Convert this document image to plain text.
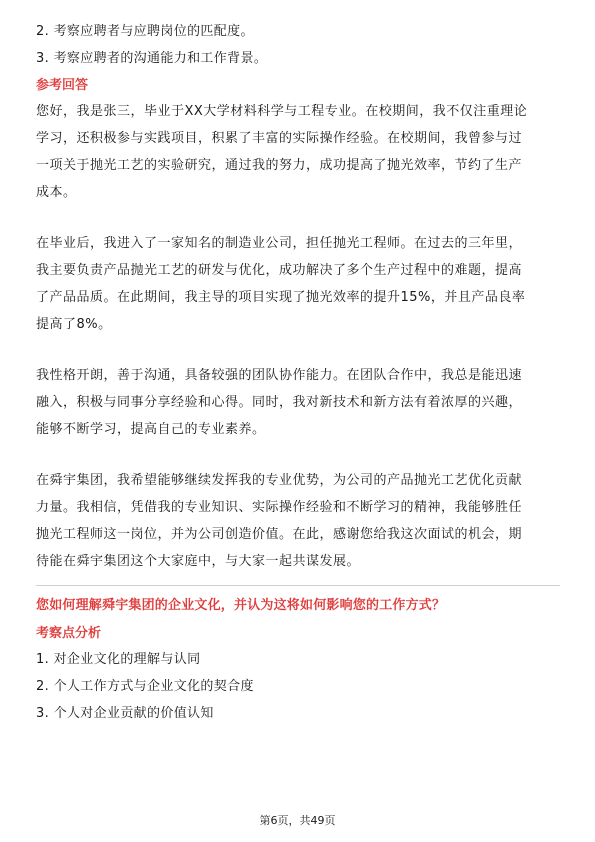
2. 考察应聘者与应聘岗位的匹配度。
3. 考察应聘者的沟通能力和工作背景。
参考回答
您好，我是张三，毕业于XX大学材料科学与工程专业。在校期间，我不仅注重理论
学习，还积极参与实践项目，积累了丰富的实际操作经验。在校期间，我曾参与过
一项关于抛光工艺的实验研究，通过我的努力，成功提高了抛光效率，节约了生产
成本。
在毕业后，我进入了一家知名的制造业公司，担任抛光工程师。在过去的三年里，
我主要负责产品抛光工艺的研发与优化，成功解决了多个生产过程中的难题，提高
了产品品质。在此期间，我主导的项目实现了抛光效率的提升15%，并且产品良率
提高了8%。
我性格开朗，善于沟通，具备较强的团队协作能力。在团队合作中，我总是能迅速
融入，积极与同事分享经验和心得。同时，我对新技术和新方法有着浓厚的兴趣，
能够不断学习，提高自己的专业素养。
在舜宇集团，我希望能够继续发挥我的专业优势，为公司的产品抛光工艺优化贡献
力量。我相信，凭借我的专业知识、实际操作经验和不断学习的精神，我能够胜任
抛光工程师这一岗位，并为公司创造价值。在此，感谢您给我这次面试的机会，期
待能在舜宇集团这个大家庭中，与大家一起共谋发展。
您如何理解舜宇集团的企业文化，并认为这将如何影响您的工作方式？
考察点分析
1. 对企业文化的理解与认同
2. 个人工作方式与企业文化的契合度
3. 个人对企业贡献的价值认知
第6页，共49页
